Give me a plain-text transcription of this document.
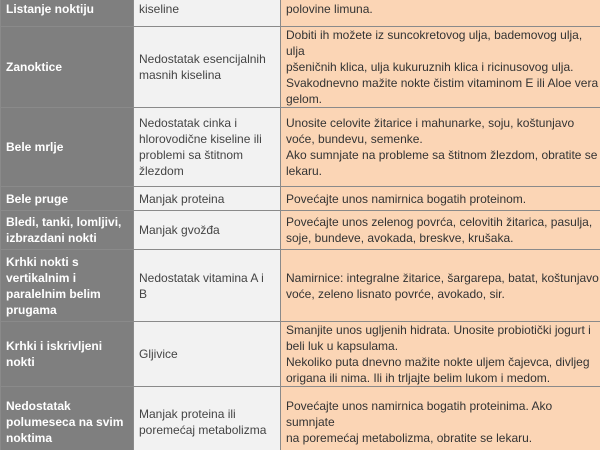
Listanje noktiju	kiseline	polovine limuna.

Zanoktice	Nedostatak esencijalnih
masnih kiselina	Dobiti ih možete iz suncokretovog ulja, bademovog ulja, ulja
pšeničnih klica, ulja kukuruznih klica i ricinusovog ulja.
Svakodnevno mažite nokte čistim vitaminom E ili Aloe vera
gelom.

Bele mrlje	Nedostatak cinka i
hlorovodične kiseline ili
problemi sa štitnom
žlezdom	Unosite celovite žitarice i mahunarke, soju, koštunjavo
voće, bundevu, semenke.
Ako sumnjate na probleme sa štitnom žlezdom, obratite se
lekaru.

Bele pruge	Manjak proteina	Povećajte unos namirnica bogatih proteinom.

Bledi, tanki, lomljivi,
izbrazdani nokti	Manjak gvožđa	Povećajte unos zelenog povrća, celovitih žitarica, pasulja,
soje, bundeve, avokada, breskve, krušaka.

Krhki nokti s
vertikalnim i
paralelnim belim
prugama	Nedostatak vitamina A i B	Namirnice: integralne žitarice, šargarepa, batat, koštunjavo
voće, zeleno lisnato povrće, avokado, sir.

Krhki i iskrivljeni
nokti	Gljivice	Smanjite unos ugljenih hidrata. Unosite probiotički jogurt i
beli luk u kapsulama.
Nekoliko puta dnevno mažite nokte uljem čajevca, divljeg
origana ili nima. Ili ih trljajte belim lukom i medom.

Nedostatak
polumeseca na svim
noktima	Manjak proteina ili
poremećaj metabolizma	Povećajte unos namirnica bogatih proteinima. Ako sumnjate
na poremećaj metabolizma, obratite se lekaru.
